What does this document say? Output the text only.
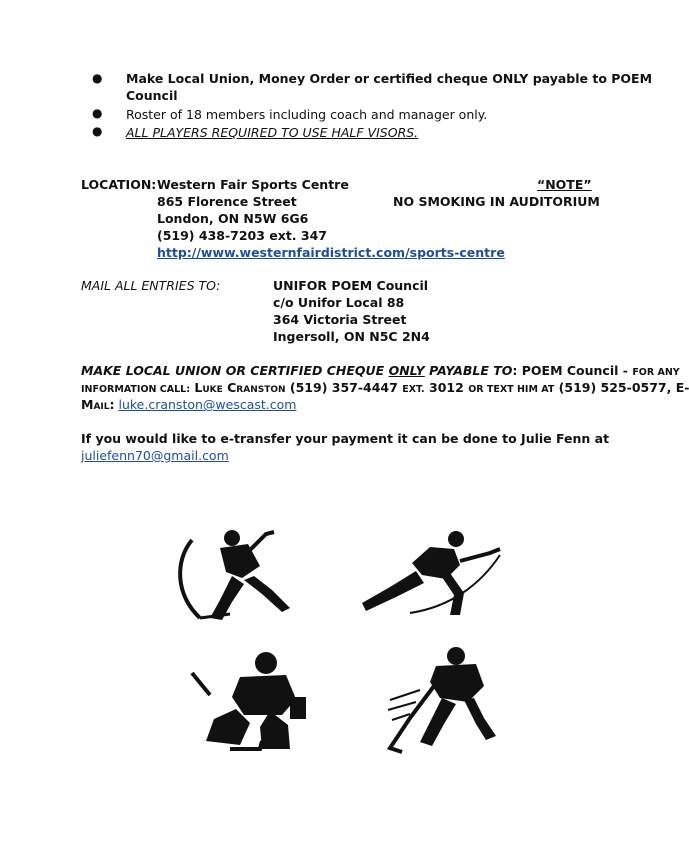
● Make Local Union, Money Order or certified cheque ONLY payable to POEM
Council
● Roster of 18 members including coach and manager only.
● ALL PLAYERS REQUIRED TO USE HALF VISORS.
LOCATION: Western Fair Sports Centre
865 Florence Street
London, ON N5W 6G6
(519) 438-7203 ext. 347
http://www.westernfairdistrict.com/sports-centre
“NOTE”
NO SMOKING IN AUDITORIUM
MAIL ALL ENTRIES TO:	UNIFOR POEM Council
c/o Unifor Local 88
364 Victoria Street
Ingersoll, ON N5C 2N4
MAKE LOCAL UNION OR CERTIFIED CHEQUE ONLY PAYABLE TO: POEM Council - FOR ANY
INFORMATION CALL: Luke Cranston (519) 357-4447 EXT. 3012 OR TEXT HIM AT (519) 525-0577, E-
Mail: luke.cranston@wescast.com
If you would like to e-transfer your payment it can be done to Julie Fenn at
juliefenn70@gmail.com
